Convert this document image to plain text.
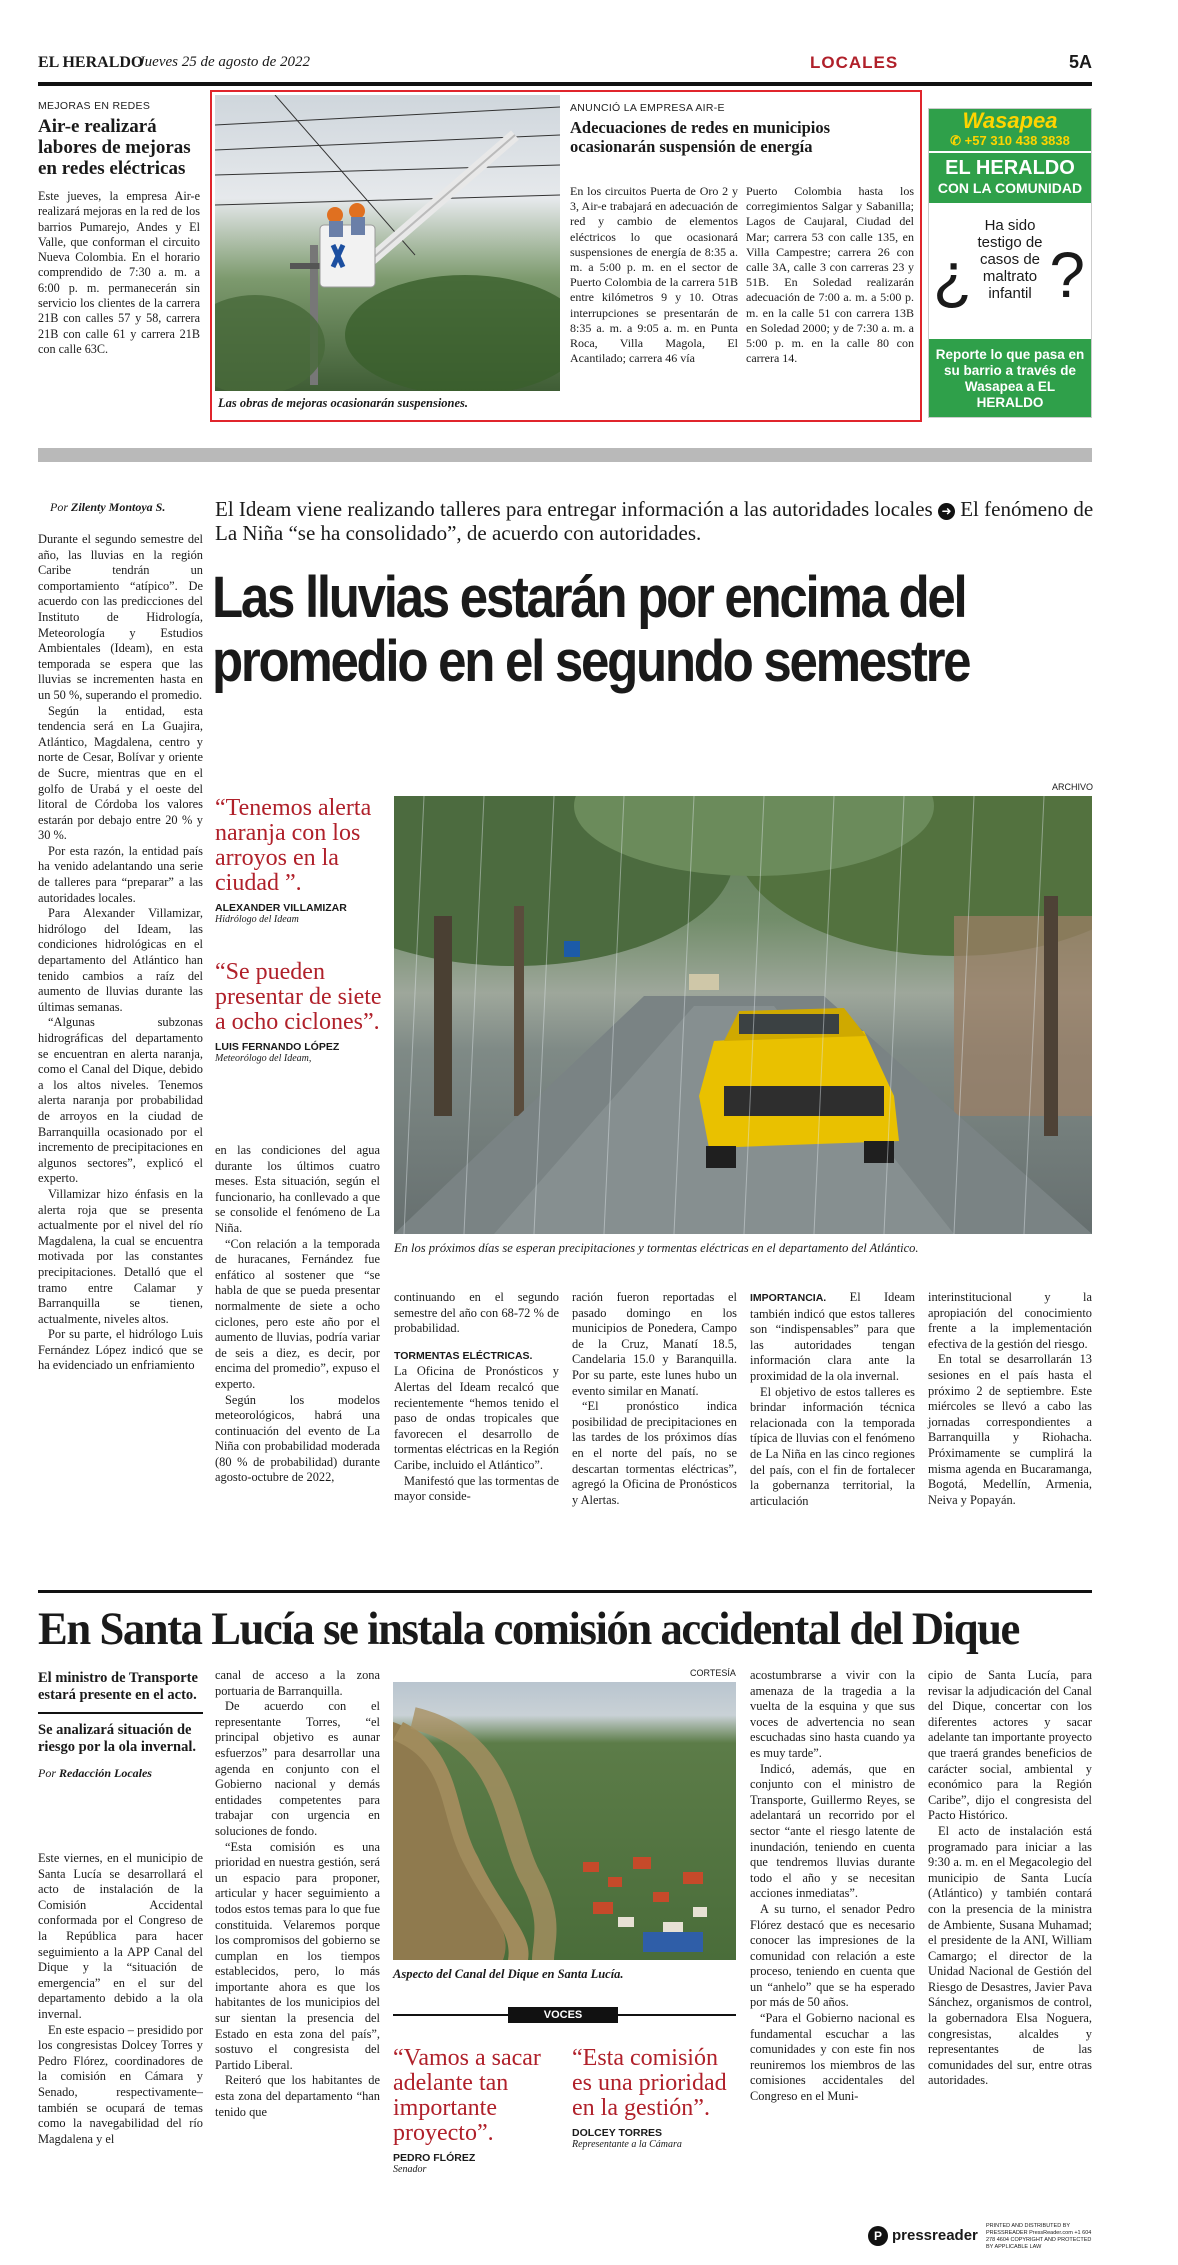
EL HERALDO
Jueves 25 de agosto de 2022	LOCALES	5A
MEJORAS EN REDES
Air-e realizará labores de mejoras en redes eléctricas
Este jueves, la empresa Air-e realizará mejoras en la red de los barrios Pumarejo, Andes y El Valle, que conforman el circuito Nueva Colombia. En el horario comprendido de 7:30 a. m. a 6:00 p. m. permanecerán sin servicio los clientes de la carrera 21B con calles 57 y 58, carrera 21B con calle 61 y carrera 21B con calle 63C.
Las obras de mejoras ocasionarán suspensiones.
ANUNCIÓ LA EMPRESA AIR-E
Adecuaciones de redes en municipios ocasionarán suspensión de energía
En los circuitos Puerta de Oro 2 y 3, Air-e trabajará en adecuación de red y cambio de elementos eléctricos lo que ocasionará suspensiones de energía de 8:35 a. m. a 5:00 p. m. en el sector de Puerto Colombia de la carrera 51B entre kilómetros 9 y 10. Otras interrupciones se presentarán de 8:35 a. m. a 9:05 a. m. en Punta Roca, Villa Magola, El Acantilado; carrera 46 vía
Puerto Colombia hasta los corregimientos Salgar y Sabanilla; Lagos de Caujaral, Ciudad del Mar; carrera 53 con calle 135, en Villa Campestre; carrera 26 con calle 3A, calle 3 con carreras 23 y 51B. En Soledad realizarán adecuación de 7:00 a. m. a 5:00 p. m. en la calle 51 con carrera 13B en Soledad 2000; y de 7:30 a. m. a 5:00 p. m. en la calle 80 con carrera 14.
Wasapea
✆ +57 310 438 3838
EL HERALDO
CON LA COMUNIDAD
¿
Ha sido testigo de casos de maltrato infantil ?
Reporte lo que pasa en su barrio a través de Wasapea a EL HERALDO
Por Zilenty Montoya S. El Ideam viene realizando talleres para entregar información a las autoridades locales ➜ El fenómeno de La Niña “se ha consolidado”, de acuerdo con autoridades.
Las lluvias estarán por encima del promedio en el segundo semestre

Durante el segundo semestre del año, las lluvias en la región Caribe tendrán un comportamiento “atípico”. De acuerdo con las predicciones del Instituto de Hidrología, Meteorología y Estudios Ambientales (Ideam), en esta temporada se espera que las lluvias se incrementen hasta en un 50 %, superando el promedio.

Según la entidad, esta tendencia será en La Guajira, Atlántico, Magdalena, centro y norte de Cesar, Bolívar y oriente de Sucre, mientras que en el golfo de Urabá y el oeste del litoral de Córdoba los valores estarán por debajo entre 20 % y 30 %.

Por esta razón, la entidad país ha venido adelantando una serie de talleres para “preparar” a las autoridades locales.

Para Alexander Villamizar, hidrólogo del Ideam, las condiciones hidrológicas en el departamento del Atlántico han tenido cambios a raíz del aumento de lluvias durante las últimas semanas.

“Algunas subzonas hidrográficas del departamento se encuentran en alerta naranja, como el Canal del Dique, debido a los altos niveles. Tenemos alerta naranja por probabilidad de arroyos en la ciudad de Barranquilla ocasionado por el incremento de precipitaciones en algunos sectores”, explicó el experto.

Villamizar hizo énfasis en la alerta roja que se presenta actualmente por el nivel del río Magdalena, la cual se encuentra motivada por las constantes precipitaciones. Detalló que el tramo entre Calamar y Barranquilla se tienen, actualmente, niveles altos.

Por su parte, el hidrólogo Luis Fernández López indicó que se ha evidenciado un enfriamiento

“Tenemos alerta naranja con los arroyos en la ciudad ”.
ALEXANDER VILLAMIZAR
Hidrólogo del Ideam
“Se pueden presentar de siete a ocho ciclones”.
LUIS FERNANDO LÓPEZ
Meteorólogo del Ideam,

en las condiciones del agua durante los últimos cuatro meses. Esta situación, según el funcionario, ha conllevado a que se consolide el fenómeno de La Niña.

“Con relación a la temporada de huracanes, Fernández fue enfático al sostener que “se habla de que se pueda presentar normalmente de siete a ocho ciclones, pero este año por el aumento de lluvias, podría variar de seis a diez, es decir, por encima del promedio”, expuso el experto.

Según los modelos meteorológicos, habrá una continuación del evento de La Niña con probabilidad moderada (80 % de probabilidad) durante agosto-octubre de 2022,

ARCHIVO
En los próximos días se esperan precipitaciones y tormentas eléctricas en el departamento del Atlántico.

continuando en el segundo semestre del año con 68-72 % de probabilidad.

TORMENTAS ELÉCTRICAS.

La Oficina de Pronósticos y Alertas del Ideam recalcó que recientemente “hemos tenido el paso de ondas tropicales que favorecen el desarrollo de tormentas eléctricas en la Región Caribe, incluido el Atlántico”.

Manifestó que las tormentas de mayor conside-

ración fueron reportadas el pasado domingo en los municipios de Ponedera, Campo de la Cruz, Manatí 18.5, Candelaria 15.0 y Baranquilla. Por su parte, este lunes hubo un evento similar en Manatí.

“El pronóstico indica posibilidad de precipitaciones en las tardes de los próximos días en el norte del país, no se descartan tormentas eléctricas”, agregó la Oficina de Pronósticos y Alertas.

IMPORTANCIA. El Ideam también indicó que estos talleres son “indispensables” para que las autoridades tengan información clara ante la proximidad de la ola invernal.

El objetivo de estos talleres es brindar información técnica relacionada con la temporada típica de lluvias con el fenómeno de La Niña en las cinco regiones del país, con el fin de fortalecer la gobernanza territorial, la articulación

interinstitucional y la apropiación del conocimiento frente a la implementación efectiva de la gestión del riesgo.

En total se desarrollarán 13 sesiones en el país hasta el próximo 2 de septiembre. Este miércoles se llevó a cabo las jornadas correspondientes a Barranquilla y Riohacha. Próximamente se cumplirá la misma agenda en Bucaramanga, Bogotá, Medellín, Armenia, Neiva y Popayán.

En Santa Lucía se instala comisión accidental del Dique
El ministro de Transporte estará presente en el acto.
Se analizará situación de riesgo por la ola invernal.
Por Redacción Locales

Este viernes, en el municipio de Santa Lucía se desarrollará el acto de instalación de la Comisión Accidental conformada por el Congreso de la República para hacer seguimiento a la APP Canal del Dique y la “situación de emergencia” en el sur del departamento debido a la ola invernal.

En este espacio – presidido por los congresistas Dolcey Torres y Pedro Flórez, coordinadores de la comisión en Cámara y Senado, respectivamente– también se ocupará de temas como la navegabilidad del río Magdalena y el

canal de acceso a la zona portuaria de Barranquilla.

De acuerdo con el representante Torres, “el principal objetivo es aunar esfuerzos” para desarrollar una agenda en conjunto con el Gobierno nacional y demás entidades competentes para trabajar con urgencia en soluciones de fondo.

“Esta comisión es una prioridad en nuestra gestión, será un espacio para proponer, articular y hacer seguimiento a todos estos temas para lo que fue constituida. Velaremos porque los compromisos del gobierno se cumplan en los tiempos establecidos, pero, lo más importante ahora es que los habitantes de los municipios del sur sientan la presencia del Estado en esta zona del país”, sostuvo el congresista del Partido Liberal.

Reiteró que los habitantes de esta zona del departamento “han tenido que

CORTESÍA
Aspecto del Canal del Dique en Santa Lucía.
VOCES
“Vamos a sacar adelante tan importante proyecto”.
PEDRO FLÓREZ
Senador
“Esta comisión es una prioridad en la gestión”.
DOLCEY TORRES
Representante a la Cámara

acostumbrarse a vivir con la amenaza de la tragedia a la vuelta de la esquina y que sus voces de advertencia no sean escuchadas sino hasta cuando ya es muy tarde”.

Indicó, además, que en conjunto con el ministro de Transporte, Guillermo Reyes, se adelantará un recorrido por el sector “ante el riesgo latente de inundación, teniendo en cuenta que tendremos lluvias durante todo el año y se necesitan acciones inmediatas”.

A su turno, el senador Pedro Flórez destacó que es necesario conocer las impresiones de la comunidad con relación a este proceso, teniendo en cuenta que un “anhelo” que se ha esperado por más de 50 años.

“Para el Gobierno nacional es fundamental escuchar a las comunidades y con este fin nos reuniremos los miembros de las comisiones accidentales del Congreso en el Muni-

cipio de Santa Lucía, para revisar la adjudicación del Canal del Dique, concertar con los diferentes actores y sacar adelante tan importante proyecto que traerá grandes beneficios de carácter social, ambiental y económico para la Región Caribe”, dijo el congresista del Pacto Histórico.

El acto de instalación está programado para iniciar a las 9:30 a. m. en el Megacolegio del municipio de Santa Lucía (Atlántico) y también contará con la presencia de la ministra de Ambiente, Susana Muhamad; el presidente de la ANI, William Camargo; el director de la Unidad Nacional de Gestión del Riesgo de Desastres, Javier Pava Sánchez, organismos de control, la gobernadora Elsa Noguera, congresistas, alcaldes y representantes de las comunidades del sur, entre otras autoridades.

P pressreader
PRINTED AND DISTRIBUTED BY PRESSREADER PressReader.com +1 604 278 4604 COPYRIGHT AND PROTECTED BY APPLICABLE LAW
